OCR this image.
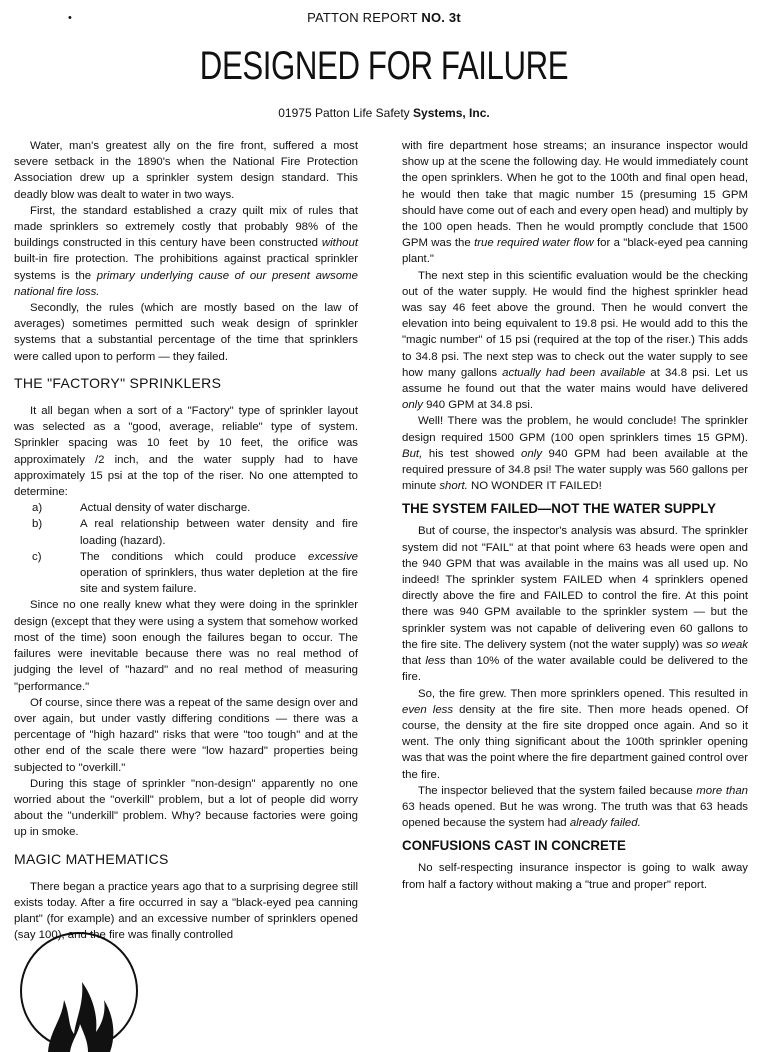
•	PATTON REPORT NO. 3t
DESIGNED FOR FAILURE
01975 Patton Life Safety Systems, Inc.

Water, man's greatest ally on the fire front, suffered a most severe setback in the 1890's when the National Fire Protection Association drew up a sprinkler system design standard. This deadly blow was dealt to water in two ways.

First, the standard established a crazy quilt mix of rules that made sprinklers so extremely costly that probably 98% of the buildings constructed in this century have been constructed without built-in fire protection. The prohibitions against practical sprinkler systems is the primary underlying cause of our present awsome national fire loss.

Secondly, the rules (which are mostly based on the law of averages) sometimes permitted such weak design of sprinkler systems that a substantial percentage of the time that sprinklers were called upon to perform — they failed.

THE "FACTORY" SPRINKLERS

It all began when a sort of a "Factory" type of sprinkler layout was selected as a "good, average, reliable" type of system. Sprinkler spacing was 10 feet by 10 feet, the orifice was approximately /2 inch, and the water supply had to have approximately 15 psi at the top of the riser. No one attempted to determine:

a)	Actual density of water discharge.
b)	A real relationship between water density and fire loading (hazard).
c)	The conditions which could produce excessive operation of sprinklers, thus water depletion at the fire site and system failure.

Since no one really knew what they were doing in the sprinkler design (except that they were using a system that somehow worked most of the time) soon enough the failures began to occur. The failures were inevitable because there was no real method of judging the level of "hazard" and no real method of measuring "performance."

Of course, since there was a repeat of the same design over and over again, but under vastly differing conditions — there was a percentage of "high hazard" risks that were "too tough" and at the other end of the scale there were "low hazard" properties being subjected to "overkill."

During this stage of sprinkler "non-design" apparently no one worried about the "overkill" problem, but a lot of people did worry about the "underkill" problem. Why? because factories were going up in smoke.

MAGIC MATHEMATICS

There began a practice years ago that to a surprising degree still exists today. After a fire occurred in say a "black-eyed pea canning plant" (for example) and an excessive number of sprinklers opened (say 100), and the fire was finally controlled

with fire department hose streams; an insurance inspector would show up at the scene the following day. He would immediately count the open sprinklers. When he got to the 100th and final open head, he would then take that magic number 15 (presuming 15 GPM should have come out of each and every open head) and multiply by the 100 open heads. Then he would promptly conclude that 1500 GPM was the true required water flow for a "black-eyed pea canning plant."

The next step in this scientific evaluation would be the checking out of the water supply. He would find the highest sprinkler head was say 46 feet above the ground. Then he would convert the elevation into being equivalent to 19.8 psi. He would add to this the "magic number" of 15 psi (required at the top of the riser.) This adds to 34.8 psi. The next step was to check out the water supply to see how many gallons actually had been available at 34.8 psi. Let us assume he found out that the water mains would have delivered only 940 GPM at 34.8 psi.

Well! There was the problem, he would conclude! The sprinkler design required 1500 GPM (100 open sprinklers times 15 GPM). But, his test showed only 940 GPM had been available at the required pressure of 34.8 psi! The water supply was 560 gallons per minute short. NO WONDER IT FAILED!

THE SYSTEM FAILED—NOT THE WATER SUPPLY

But of course, the inspector's analysis was absurd. The sprinkler system did not "FAIL" at that point where 63 heads were open and the 940 GPM that was available in the mains was all used up. No indeed! The sprinkler system FAILED when 4 sprinklers opened directly above the fire and FAILED to control the fire. At this point there was 940 GPM available to the sprinkler system — but the sprinkler system was not capable of delivering even 60 gallons to the fire site. The delivery system (not the water supply) was so weak that less than 10% of the water available could be delivered to the fire.

So, the fire grew. Then more sprinklers opened. This resulted in even less density at the fire site. Then more heads opened. Of course, the density at the fire site dropped once again. And so it went. The only thing significant about the 100th sprinkler opening was that was the point where the fire department gained control over the fire.

The inspector believed that the system failed because more than 63 heads opened. But he was wrong. The truth was that 63 heads opened because the system had already failed.

CONFUSIONS CAST IN CONCRETE

No self-respecting insurance inspector is going to walk away from half a factory without making a "true and proper" report.
